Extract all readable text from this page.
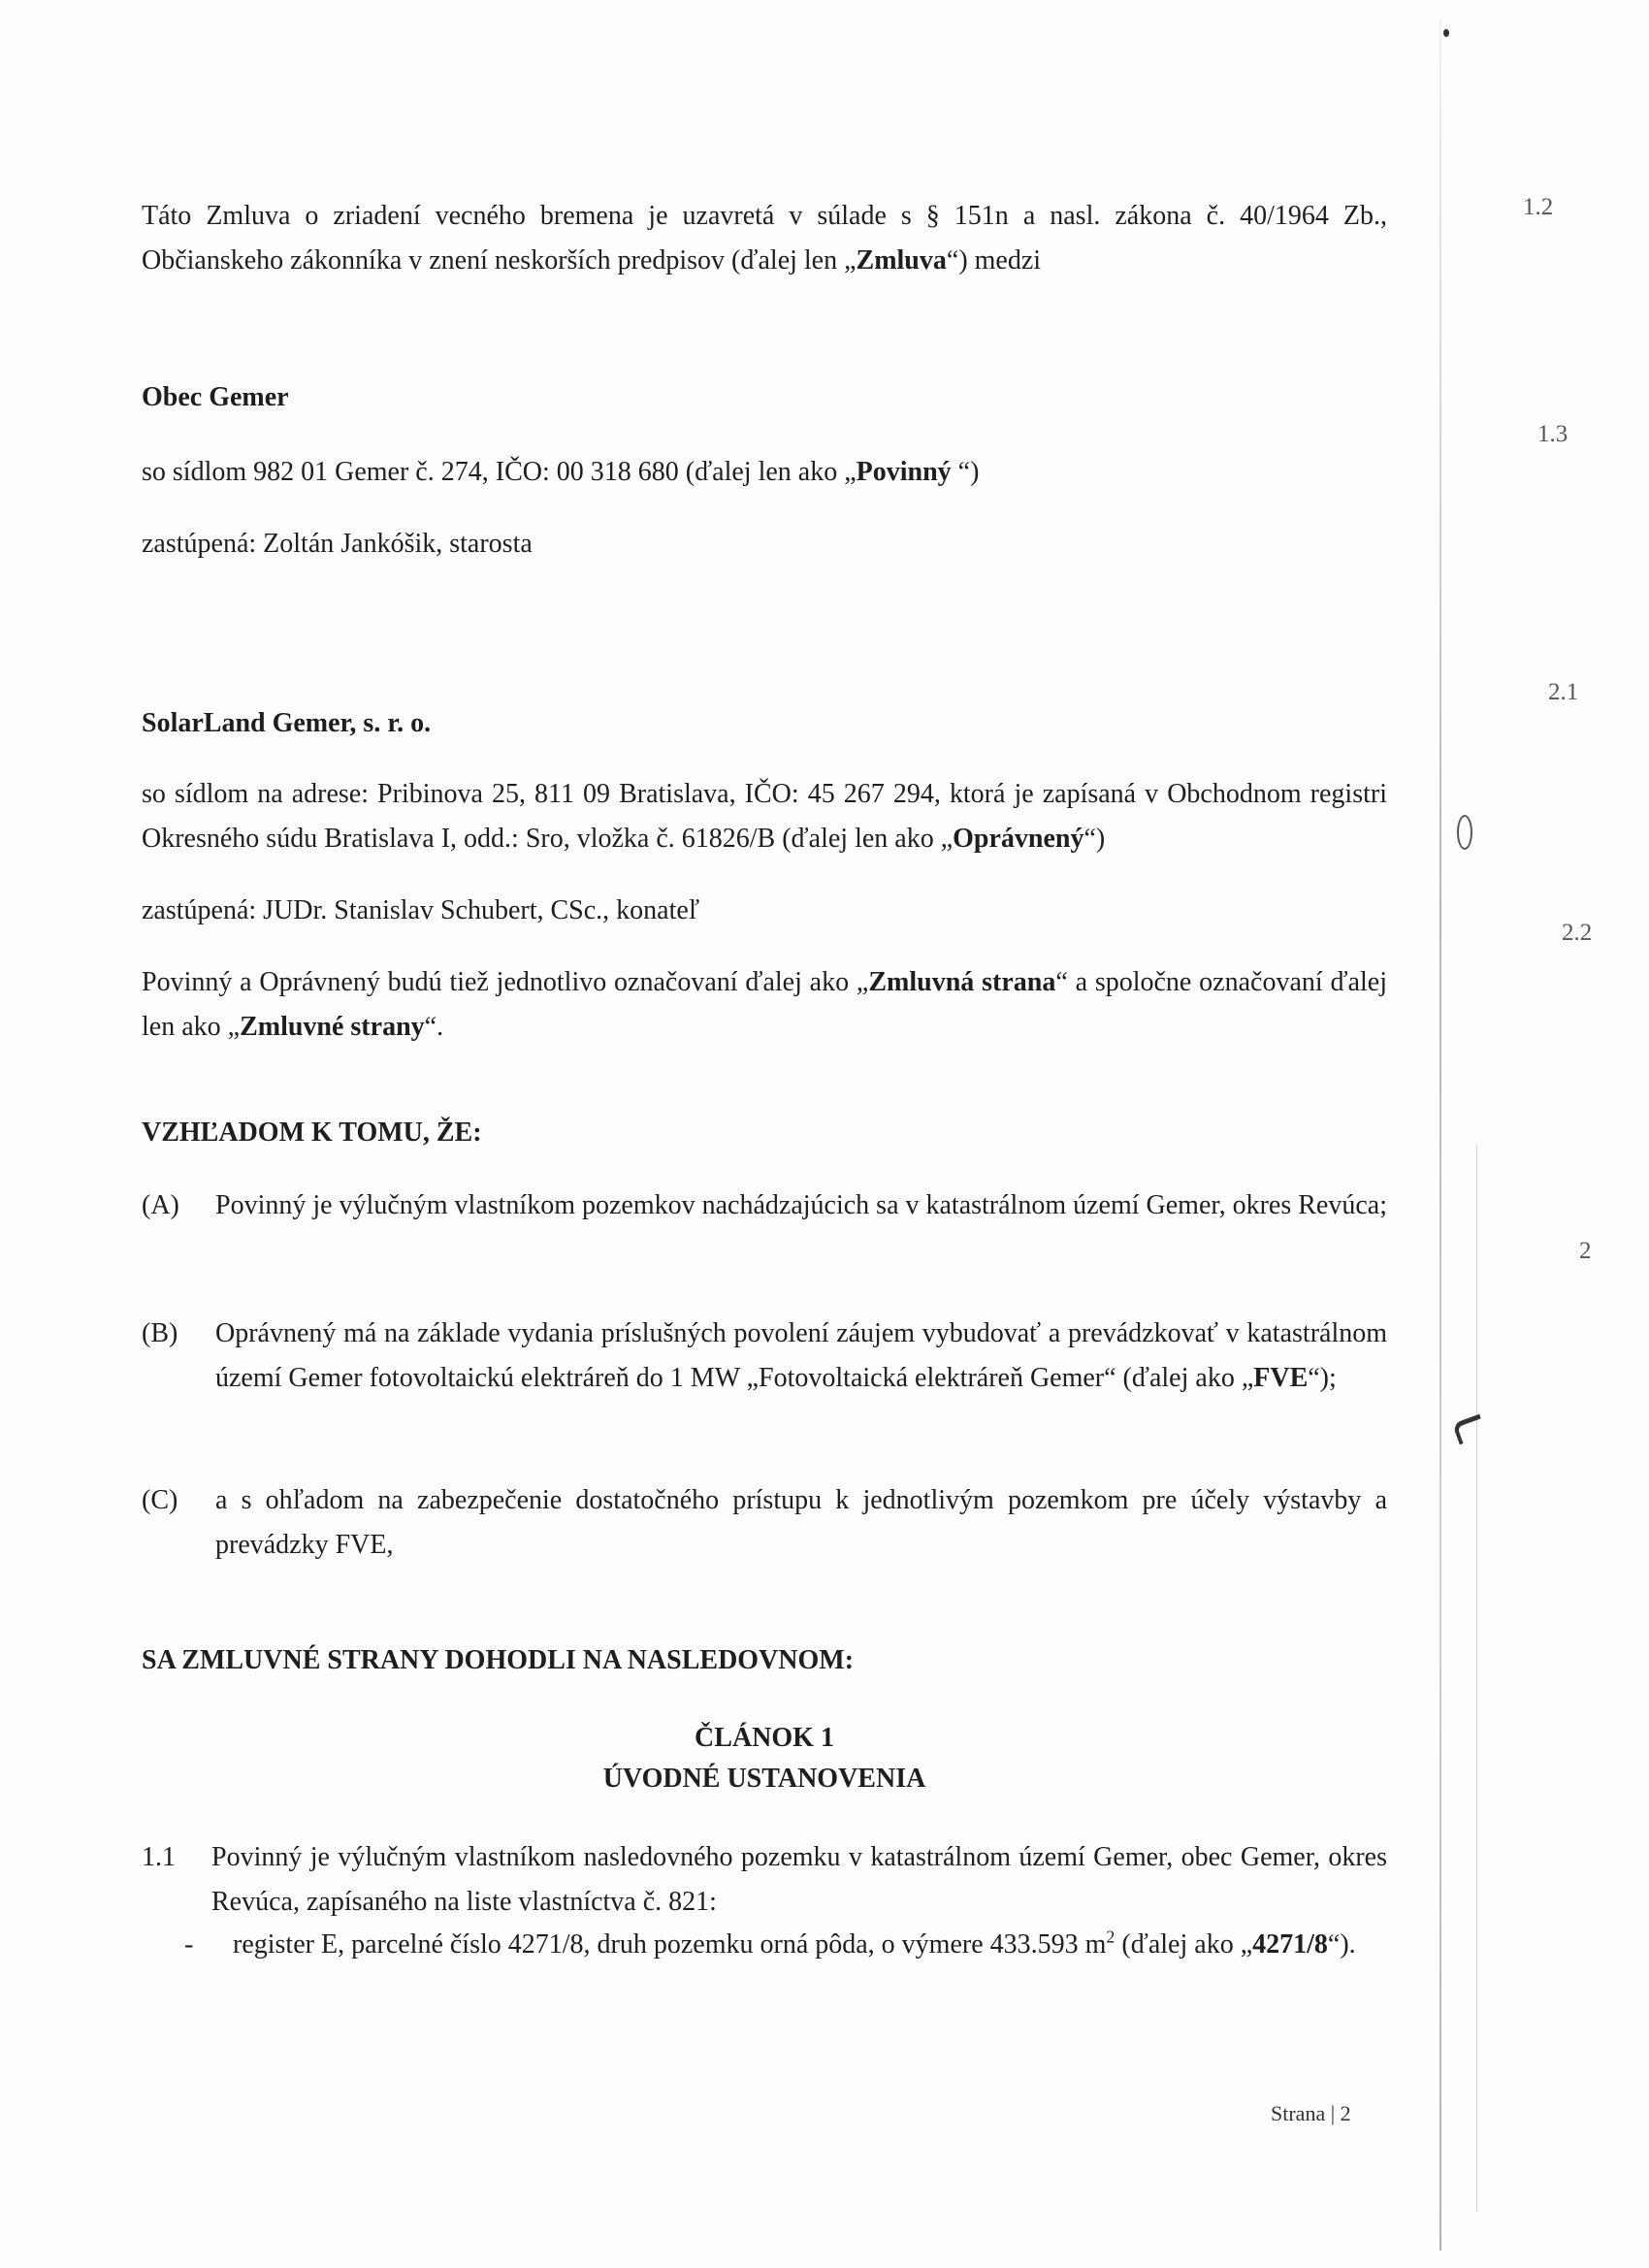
1.2
1.3
2.1
2.2
2
Táto Zmluva o zriadení vecného bremena je uzavretá v súlade s § 151n a nasl. zákona č. 40/1964 Zb., Občianskeho zákonníka v znení neskorších predpisov (ďalej len „Zmluva“) medzi
Obec Gemer
so sídlom 982 01 Gemer č. 274, IČO: 00 318 680 (ďalej len ako „Povinný “)
zastúpená: Zoltán Jankóšik, starosta
SolarLand Gemer, s. r. o.
so sídlom na adrese: Pribinova 25, 811 09 Bratislava, IČO: 45 267 294, ktorá je zapísaná v Obchodnom registri Okresného súdu Bratislava I, odd.: Sro, vložka č. 61826/B (ďalej len ako „Oprávnený“)
zastúpená: JUDr. Stanislav Schubert, CSc., konateľ
Povinný a Oprávnený budú tiež jednotlivo označovaní ďalej ako „Zmluvná strana“ a spoločne označovaní ďalej len ako „Zmluvné strany“.
VZHĽADOM K TOMU, ŽE:
(A) Povinný je výlučným vlastníkom pozemkov nachádzajúcich sa v katastrálnom území Gemer, okres Revúca;
(B) Oprávnený má na základe vydania príslušných povolení záujem vybudovať a prevádzkovať v katastrálnom území Gemer fotovoltaickú elektráreň do 1 MW „Fotovoltaická elektráreň Gemer“ (ďalej ako „FVE“);
(C) a s ohľadom na zabezpečenie dostatočného prístupu k jednotlivým pozemkom pre účely výstavby a prevádzky FVE,
SA ZMLUVNÉ STRANY DOHODLI NA NASLEDOVNOM:
ČLÁNOK 1
ÚVODNÉ USTANOVENIA
1.1 Povinný je výlučným vlastníkom nasledovného pozemku v katastrálnom území Gemer, obec Gemer, okres Revúca, zapísaného na liste vlastníctva č. 821:
- register E, parcelné číslo 4271/8, druh pozemku orná pôda, o výmere 433.593 $m^2$ (ďalej ako „4271/8“).
Strana | 2
